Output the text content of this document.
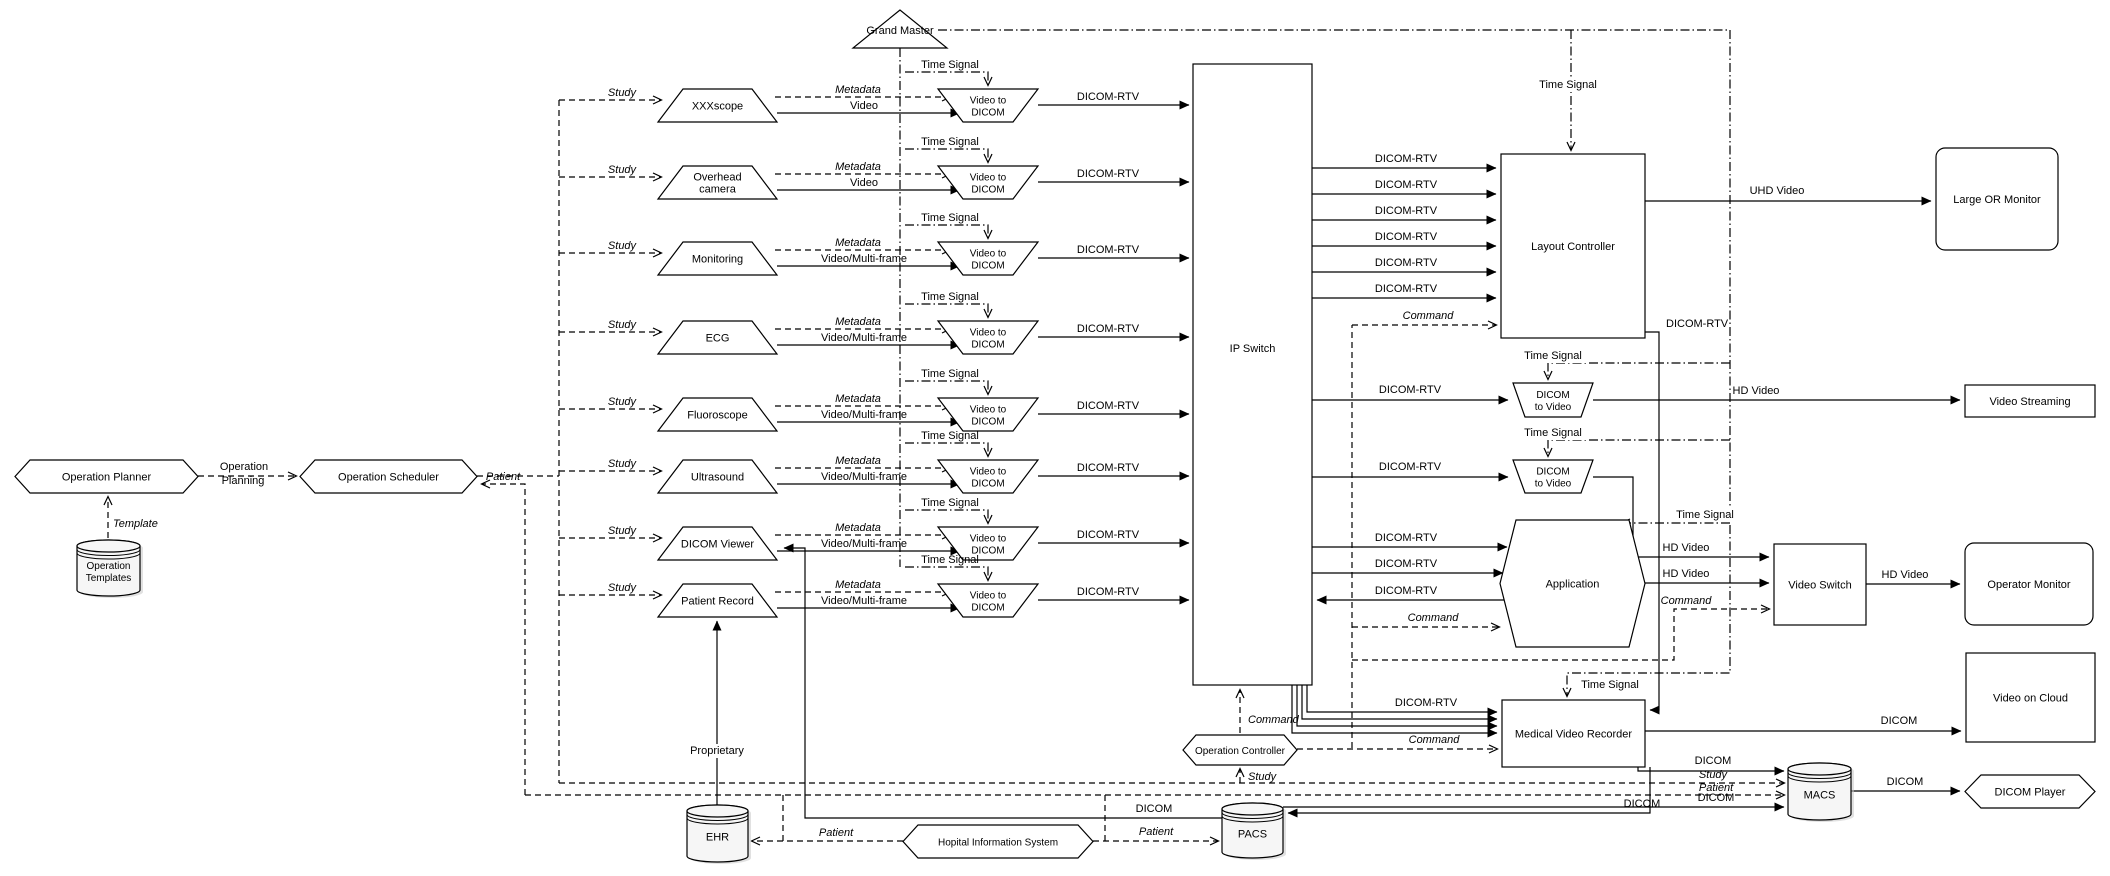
Grand Master
Operation Planner	Operation Scheduler
Operation
Templates
IP Switch
Layout Controller
Large OR Monitor
DICOM
to Video
DICOM
to Video
Video Streaming
Application	Video Switch	Operator Monitor
Medical Video Recorder
Operation Controller
Video on Cloud
MACS	DICOM Player
PACS
EHR	Hopital Information System
XXXscope	Video to
DICOM
Overhead
camera
Video to
DICOM
Monitoring	Video to
DICOM
ECG	Video to
DICOM
Fluoroscope	Video to
DICOM
Ultrasound	Video to
DICOM
DICOM Viewer	Video to
DICOM
Patient Record	Video to
DICOM
Template
Patient
Study
Study
Patient
Patient	Patient
Proprietary
DICOM
DICOM
DICOM	DICOM
DICOM
DICOM
UHD Video
DICOM-RTV
HD Video
HD Video
HD Video	HD Video
Command
Command
Command
Command
Command
DICOM-RTV
DICOM-RTV
DICOM-RTV
DICOM-RTV
DICOM-RTV
DICOM-RTV
DICOM-RTV
DICOM-RTV
DICOM-RTV
DICOM-RTV
DICOM-RTV
DICOM-RTV
Time Signal
Time Signal
Time Signal
Time Signal
Time Signal
Study	Metadata
Video
DICOM-RTV
Time Signal
Study	Metadata
Video
DICOM-RTV
Time Signal
Study	Metadata
Video/Multi-frame
DICOM-RTV
Time Signal
Study	Metadata
Video/Multi-frame
DICOM-RTV
Time Signal
Study	Metadata
Video/Multi-frame
DICOM-RTV
Time Signal
Study	Metadata
Video/Multi-frame
DICOM-RTV
Time Signal
Study	Metadata
Video/Multi-frame
DICOM-RTV
Time Signal
Study	Metadata
Video/Multi-frame
DICOM-RTV
Time Signal
Operation
Planning
